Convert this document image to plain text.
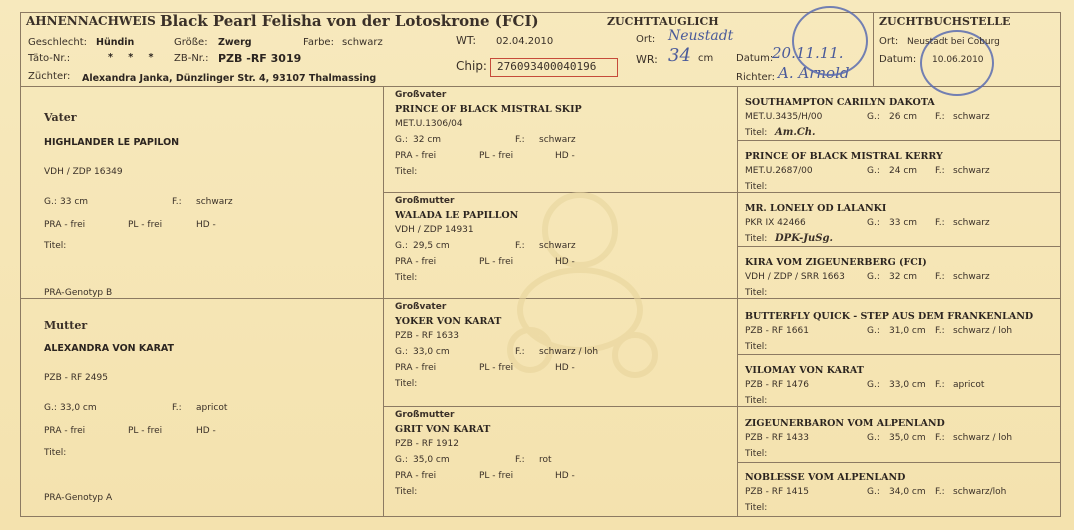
AHNENNACHWEIS Black Pearl Felisha von der Lotoskrone (FCI)
Geschlecht: Hündin	Größe: Zwerg	Farbe: schwarz	WT: 02.04.2010
Täto-Nr.:	* * * ZB-Nr.: PZB -RF 3019
Chip: 276093400040196
Züchter: Alexandra Janka, Dünzlinger Str. 4, 93107 Thalmassing
ZUCHTTAUGLICH
Ort: Neustadt
WR: 34 cm Datum:
20.11.11.
Richter: A. Arnold
ZUCHTBUCHSTELLE
Ort: Neustadt bei Coburg
Datum: 10.06.2010
Vater
HIGHLANDER LE PAPILON
VDH / ZDP 16349
G.: 33 cm	F.: schwarz
PRA - frei	PL - frei	HD -
Titel:
PRA-Genotyp B
Mutter
ALEXANDRA VON KARAT
PZB - RF 2495
G.: 33,0 cm	F.: apricot
PRA - frei	PL - frei	HD -
Titel:
PRA-Genotyp A
Großvater
PRINCE OF BLACK MISTRAL SKIP
MET.U.1306/04
G.: 32 cm	F.: schwarz
PRA - frei	PL - frei	HD -
Titel:
Großmutter
WALADA LE PAPILLON
VDH / ZDP 14931
G.: 29,5 cm	F.: schwarz
PRA - frei	PL - frei	HD -
Titel:
Großvater
YOKER VON KARAT
PZB - RF 1633
G.: 33,0 cm	F.: schwarz / loh
PRA - frei	PL - frei	HD -
Titel:
Großmutter
GRIT VON KARAT
PZB - RF 1912
G.: 35,0 cm	F.: rot
PRA - frei	PL - frei	HD -
Titel:
SOUTHAMPTON CARILYN DAKOTA
MET.U.3435/H/00	G.: 26 cm F.: schwarz
Titel: Am.Ch.
PRINCE OF BLACK MISTRAL KERRY
MET.U.2687/00	G.: 24 cm F.: schwarz
Titel:
MR. LONELY OD LALANKI
PKR IX 42466	G.: 33 cm F.: schwarz
Titel: DPK-JuSg.
KIRA VOM ZIGEUNERBERG (FCI)
VDH / ZDP / SRR 1663 G.: 32 cm F.: schwarz
Titel:
BUTTERFLY QUICK - STEP AUS DEM FRANKENLAND
PZB - RF 1661	G.: 31,0 cm F.: schwarz / loh
Titel:
VILOMAY VON KARAT
PZB - RF 1476	G.: 33,0 cm F.: apricot
Titel:
ZIGEUNERBARON VOM ALPENLAND
PZB - RF 1433	G.: 35,0 cm F.: schwarz / loh
Titel:
NOBLESSE VOM ALPENLAND
PZB - RF 1415	G.: 34,0 cm F.: schwarz/loh
Titel:
